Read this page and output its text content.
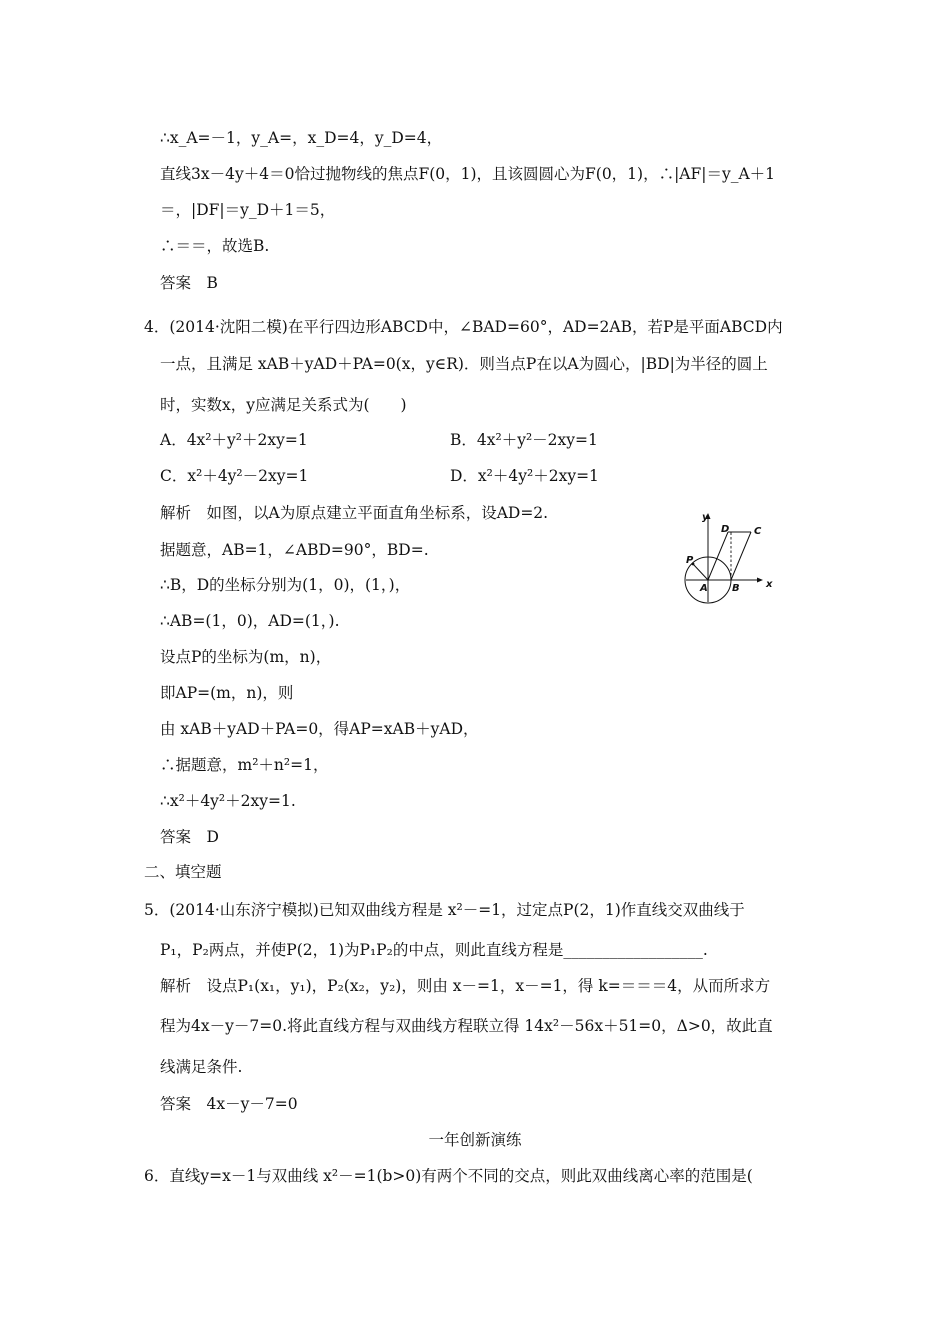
∴x_A=－1，y_A=，x_D=4，y_D=4，
直线3x－4y＋4＝0恰过抛物线的焦点F(0，1)，且该圆圆心为F(0，1)，∴|AF|＝y_A＋1
＝，|DF|＝y_D＋1＝5，
∴＝＝，故选B.
答案　B
4．(2014·沈阳二模)在平行四边形ABCD中，∠BAD=60°，AD=2AB，若P是平面ABCD内
一点，且满足 xAB＋yAD＋PA=0(x，y∈R)．则当点P在以A为圆心，|BD|为半径的圆上
时，实数x，y应满足关系式为(　　)
A．4x²＋y²＋2xy=1	B．4x²＋y²－2xy=1
C．x²＋4y²－2xy=1	D．x²＋4y²＋2xy=1
解析　如图，以A为原点建立平面直角坐标系，设AD=2.
据题意，AB=1，∠ABD=90°，BD=.
∴B，D的坐标分别为(1，0)，(1，)，
∴AB=(1，0)，AD=(1，).
设点P的坐标为(m，n)，
即AP=(m，n)，则
由 xAB＋yAD＋PA=0，得AP=xAB＋yAD，
∴据题意，m²＋n²=1，
∴x²＋4y²＋2xy=1.
答案　D
二、填空题
5．(2014·山东济宁模拟)已知双曲线方程是 x²－=1，过定点P(2，1)作直线交双曲线于
P₁，P₂两点，并使P(2，1)为P₁P₂的中点，则此直线方程是__________________.
解析　设点P₁(x₁，y₁)，P₂(x₂，y₂)，则由 x－=1，x－=1，得 k=＝＝＝4，从而所求方
程为4x－y－7=0.将此直线方程与双曲线方程联立得 14x²－56x＋51=0，Δ>0，故此直
线满足条件.
答案　4x－y－7=0
一年创新演练
6．直线y=x－1与双曲线 x²－=1(b>0)有两个不同的交点，则此双曲线离心率的范围是(
y
x
D C
P
A B
